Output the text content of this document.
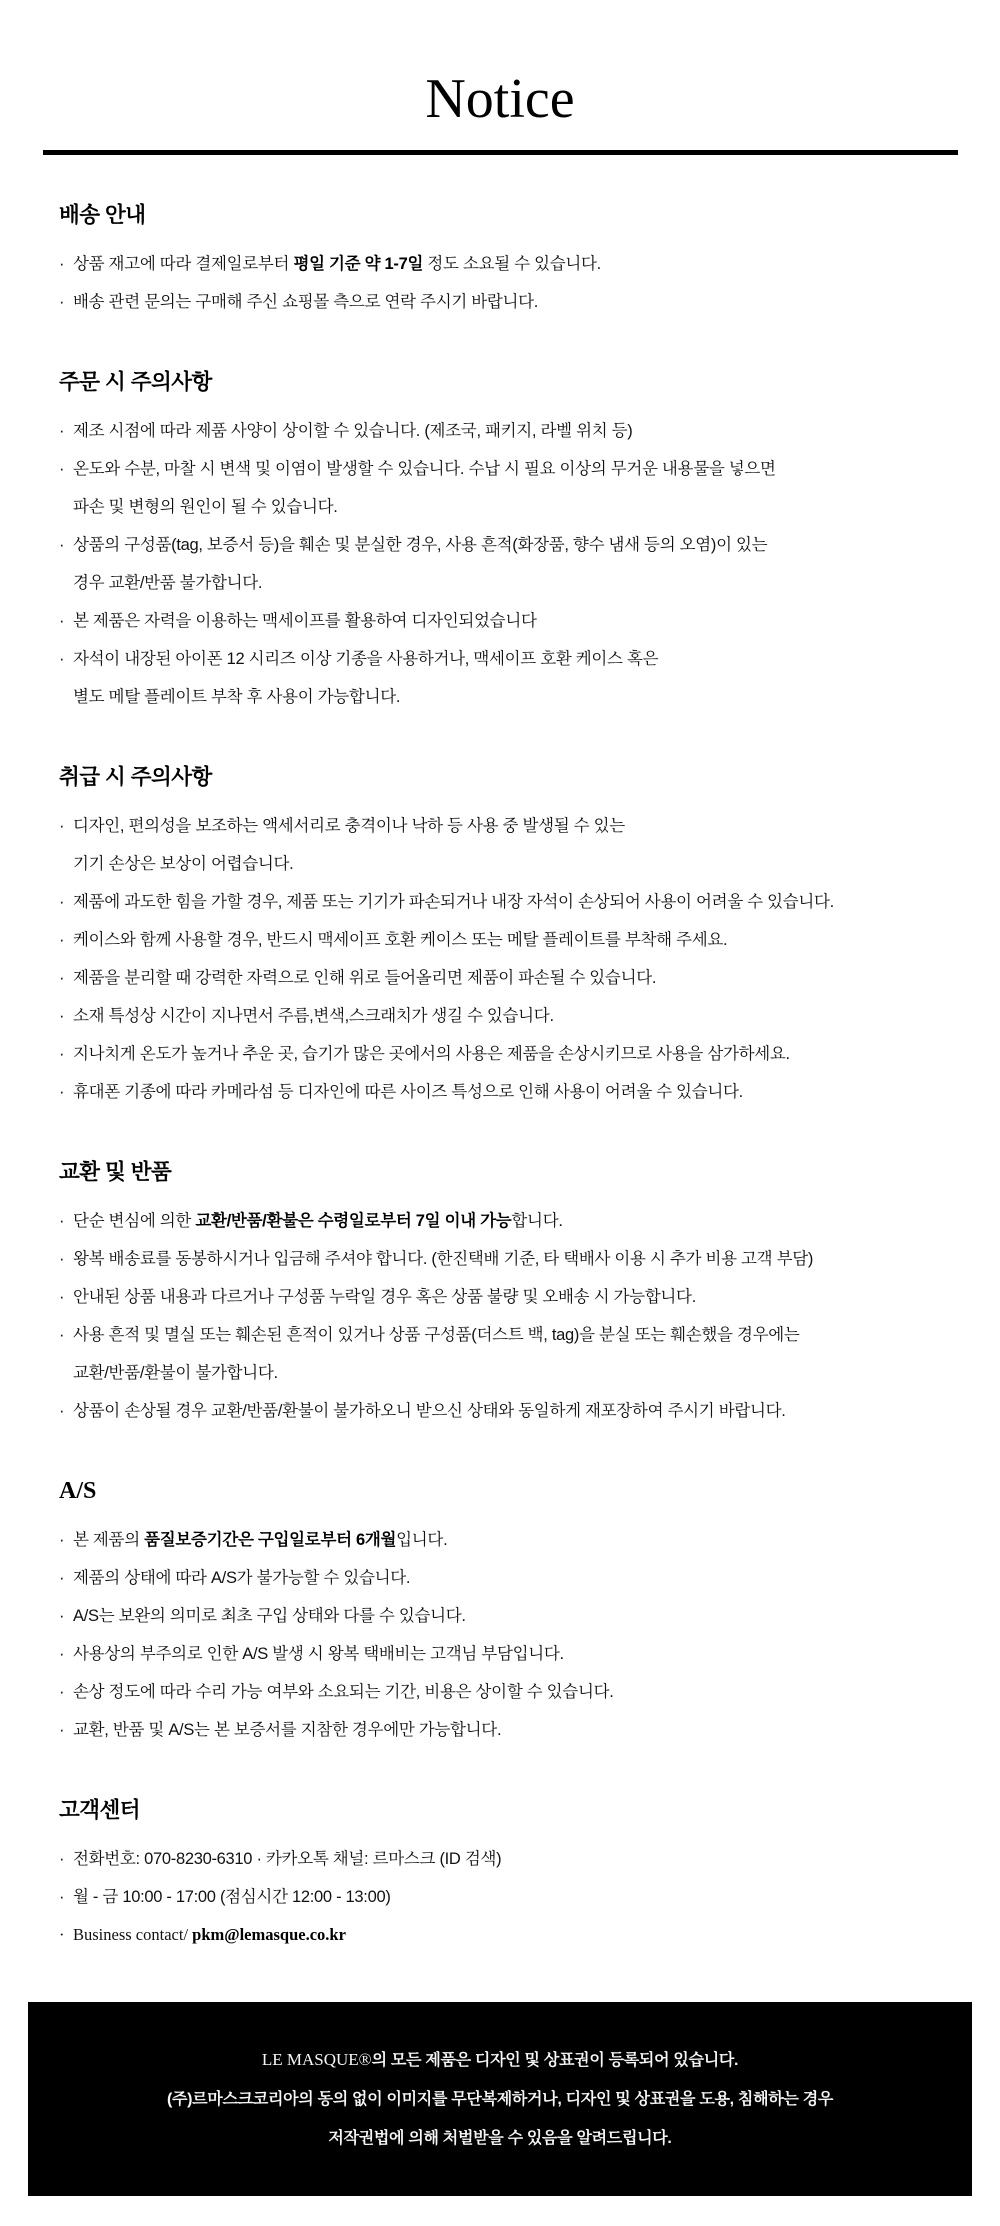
Notice
배송 안내

· 상품 재고에 따라 결제일로부터 평일 기준 약 1-7일 정도 소요될 수 있습니다.

· 배송 관련 문의는 구매해 주신 쇼핑몰 측으로 연락 주시기 바랍니다.

주문 시 주의사항

· 제조 시점에 따라 제품 사양이 상이할 수 있습니다. (제조국, 패키지, 라벨 위치 등)

· 온도와 수분, 마찰 시 변색 및 이염이 발생할 수 있습니다. 수납 시 필요 이상의 무거운 내용물을 넣으면
파손 및 변형의 원인이 될 수 있습니다.

· 상품의 구성품(tag, 보증서 등)을 훼손 및 분실한 경우, 사용 흔적(화장품, 향수 냄새 등의 오염)이 있는
경우 교환/반품 불가합니다.

· 본 제품은 자력을 이용하는 맥세이프를 활용하여 디자인되었습니다

· 자석이 내장된 아이폰 12 시리즈 이상 기종을 사용하거나, 맥세이프 호환 케이스 혹은
별도 메탈 플레이트 부착 후 사용이 가능합니다.

취급 시 주의사항

· 디자인, 편의성을 보조하는 액세서리로 충격이나 낙하 등 사용 중 발생될 수 있는
기기 손상은 보상이 어렵습니다.

· 제품에 과도한 힘을 가할 경우, 제품 또는 기기가 파손되거나 내장 자석이 손상되어 사용이 어려울 수 있습니다.

· 케이스와 함께 사용할 경우, 반드시 맥세이프 호환 케이스 또는 메탈 플레이트를 부착해 주세요.

· 제품을 분리할 때 강력한 자력으로 인해 위로 들어올리면 제품이 파손될 수 있습니다.

· 소재 특성상 시간이 지나면서 주름,변색,스크래치가 생길 수 있습니다.

· 지나치게 온도가 높거나 추운 곳, 습기가 많은 곳에서의 사용은 제품을 손상시키므로 사용을 삼가하세요.

· 휴대폰 기종에 따라 카메라섬 등 디자인에 따른 사이즈 특성으로 인해 사용이 어려울 수 있습니다.

교환 및 반품

· 단순 변심에 의한 교환/반품/환불은 수령일로부터 7일 이내 가능합니다.

· 왕복 배송료를 동봉하시거나 입금해 주셔야 합니다. (한진택배 기준, 타 택배사 이용 시 추가 비용 고객 부담)

· 안내된 상품 내용과 다르거나 구성품 누락일 경우 혹은 상품 불량 및 오배송 시 가능합니다.

· 사용 흔적 및 멸실 또는 훼손된 흔적이 있거나 상품 구성품(더스트 백, tag)을 분실 또는 훼손했을 경우에는
교환/반품/환불이 불가합니다.

· 상품이 손상될 경우 교환/반품/환불이 불가하오니 받으신 상태와 동일하게 재포장하여 주시기 바랍니다.

A/S

· 본 제품의 품질보증기간은 구입일로부터 6개월입니다.

· 제품의 상태에 따라 A/S가 불가능할 수 있습니다.

· A/S는 보완의 의미로 최초 구입 상태와 다를 수 있습니다.

· 사용상의 부주의로 인한 A/S 발생 시 왕복 택배비는 고객님 부담입니다.

· 손상 정도에 따라 수리 가능 여부와 소요되는 기간, 비용은 상이할 수 있습니다.

· 교환, 반품 및 A/S는 본 보증서를 지참한 경우에만 가능합니다.

고객센터

· 전화번호: 070-8230-6310 · 카카오톡 채널: 르마스크 (ID 검색)

· 월 - 금 10:00 - 17:00 (점심시간 12:00 - 13:00)

· Business contact/ pkm@lemasque.co.kr

LE MASQUE®의 모든 제품은 디자인 및 상표권이 등록되어 있습니다.

(주)르마스크코리아의 동의 없이 이미지를 무단복제하거나, 디자인 및 상표권을 도용, 침해하는 경우

저작권법에 의해 처벌받을 수 있음을 알려드립니다.
